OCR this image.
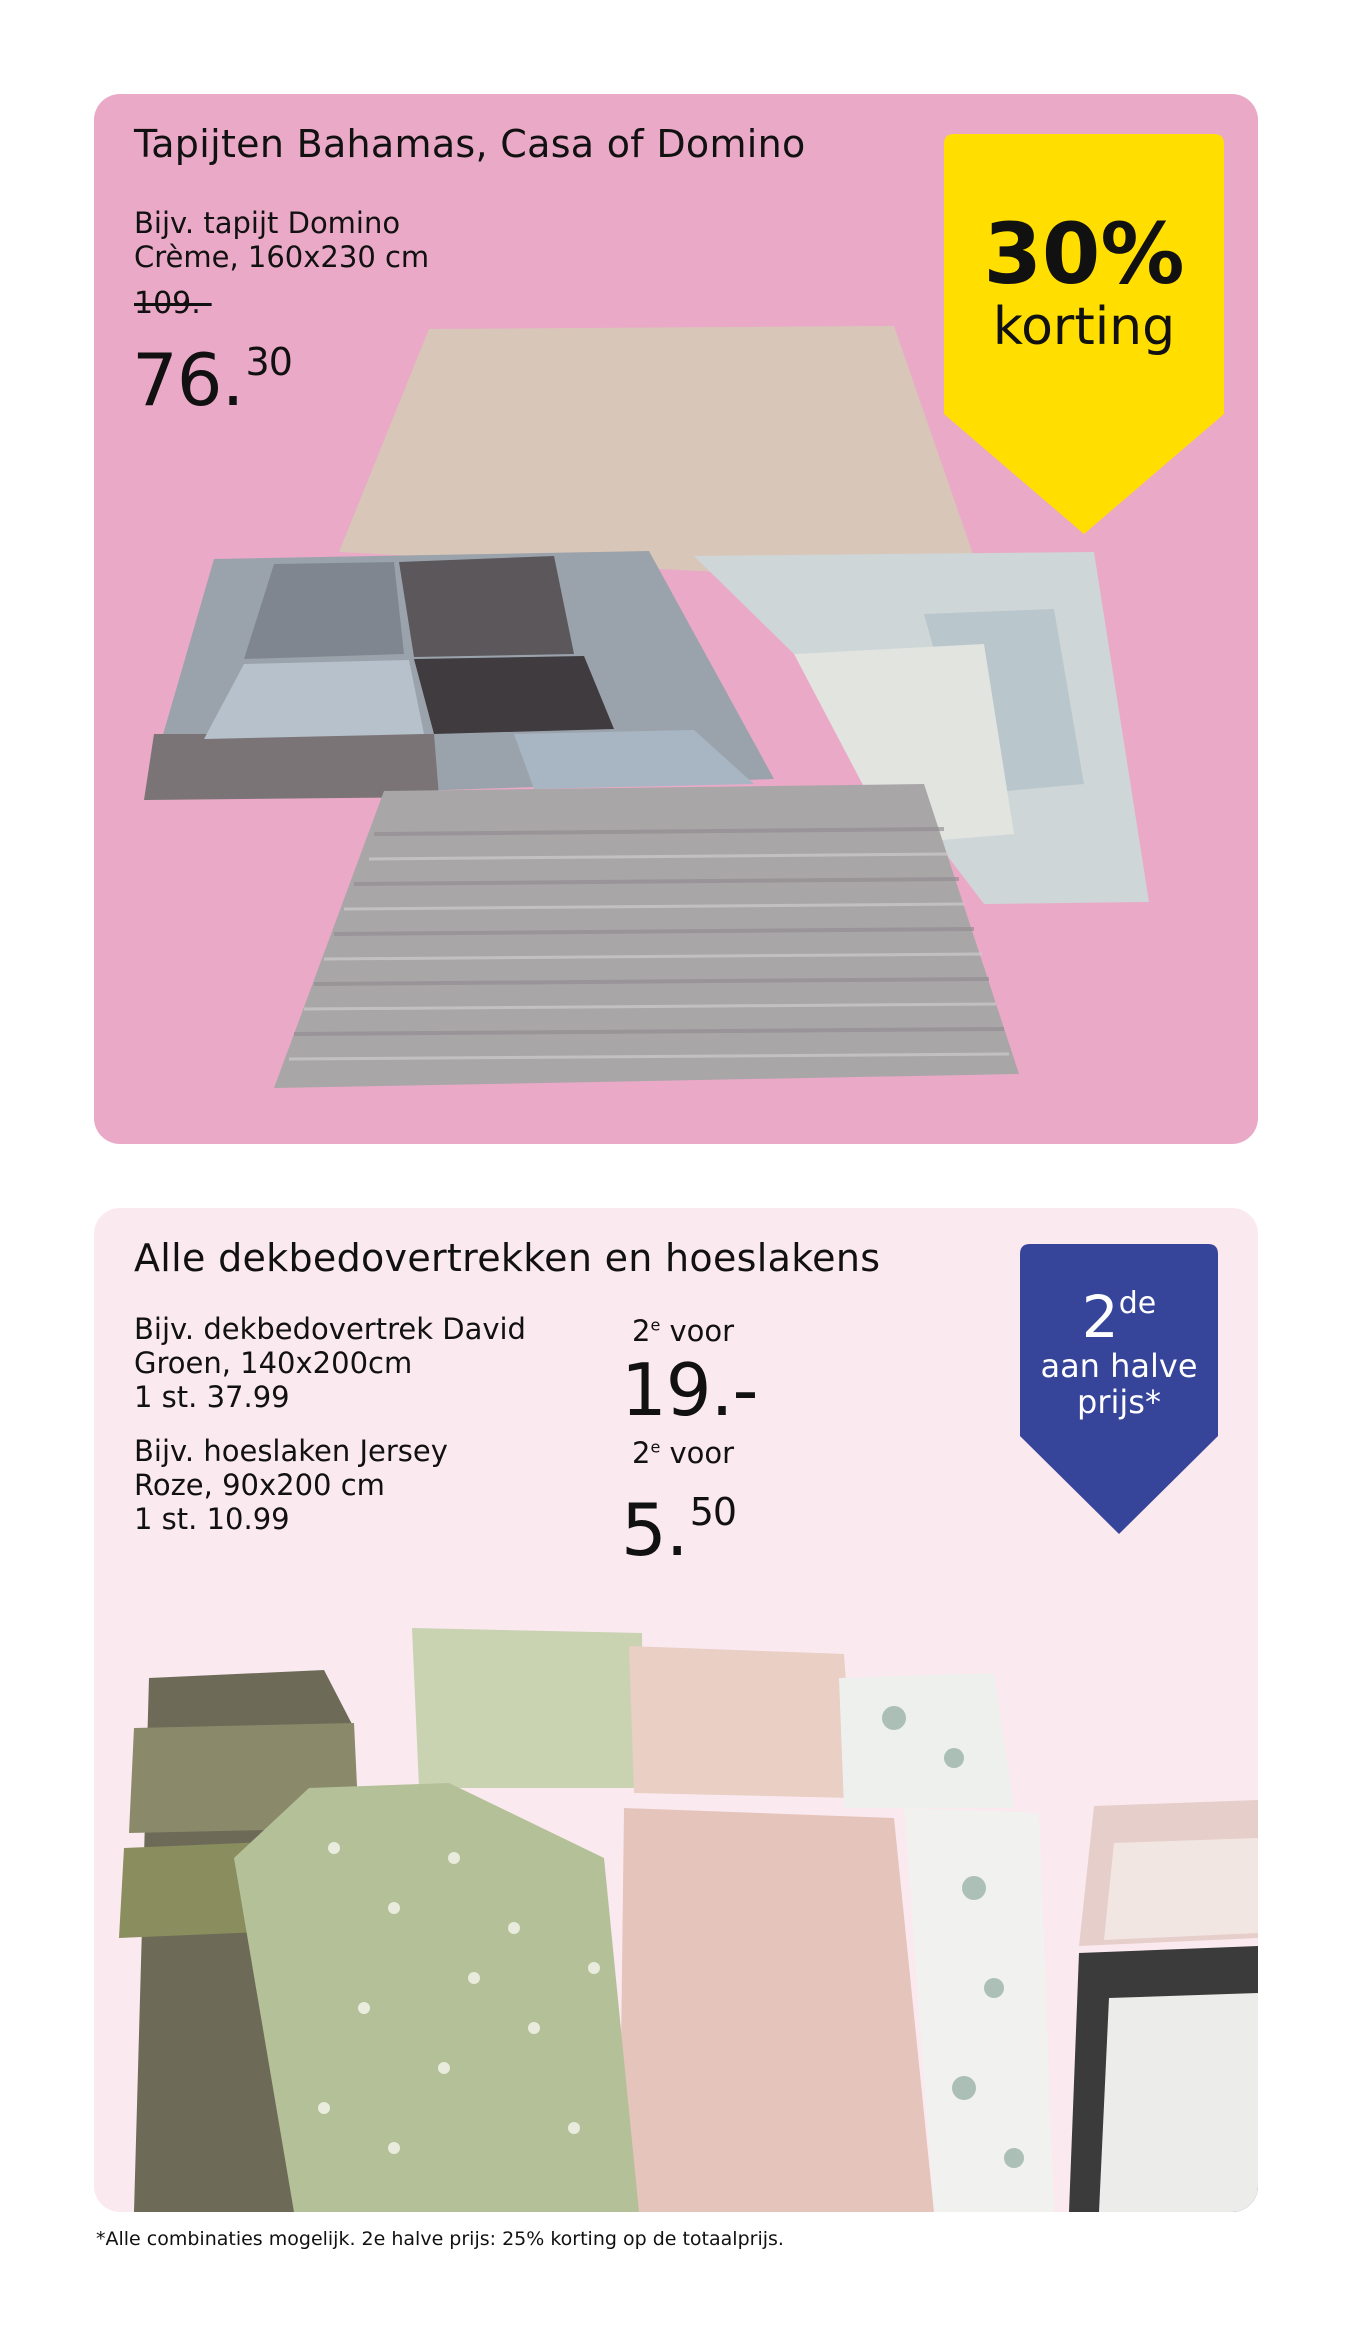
Tapijten Bahamas, Casa of Domino
Bijv. tapijt Domino
Crème, 160x230 cm
109.-
76.30
30%
korting
Alle dekbedovertrekken en hoeslakens
Bijv. dekbedovertrek David
Groen, 140x200cm
1 st. 37.99
2e voor
19.-
Bijv. hoeslaken Jersey
Roze, 90x200 cm
1 st. 10.99
2e voor
5.50
2de
aan halve
prijs*
*Alle combinaties mogelijk. 2e halve prijs: 25% korting op de totaalprijs.
